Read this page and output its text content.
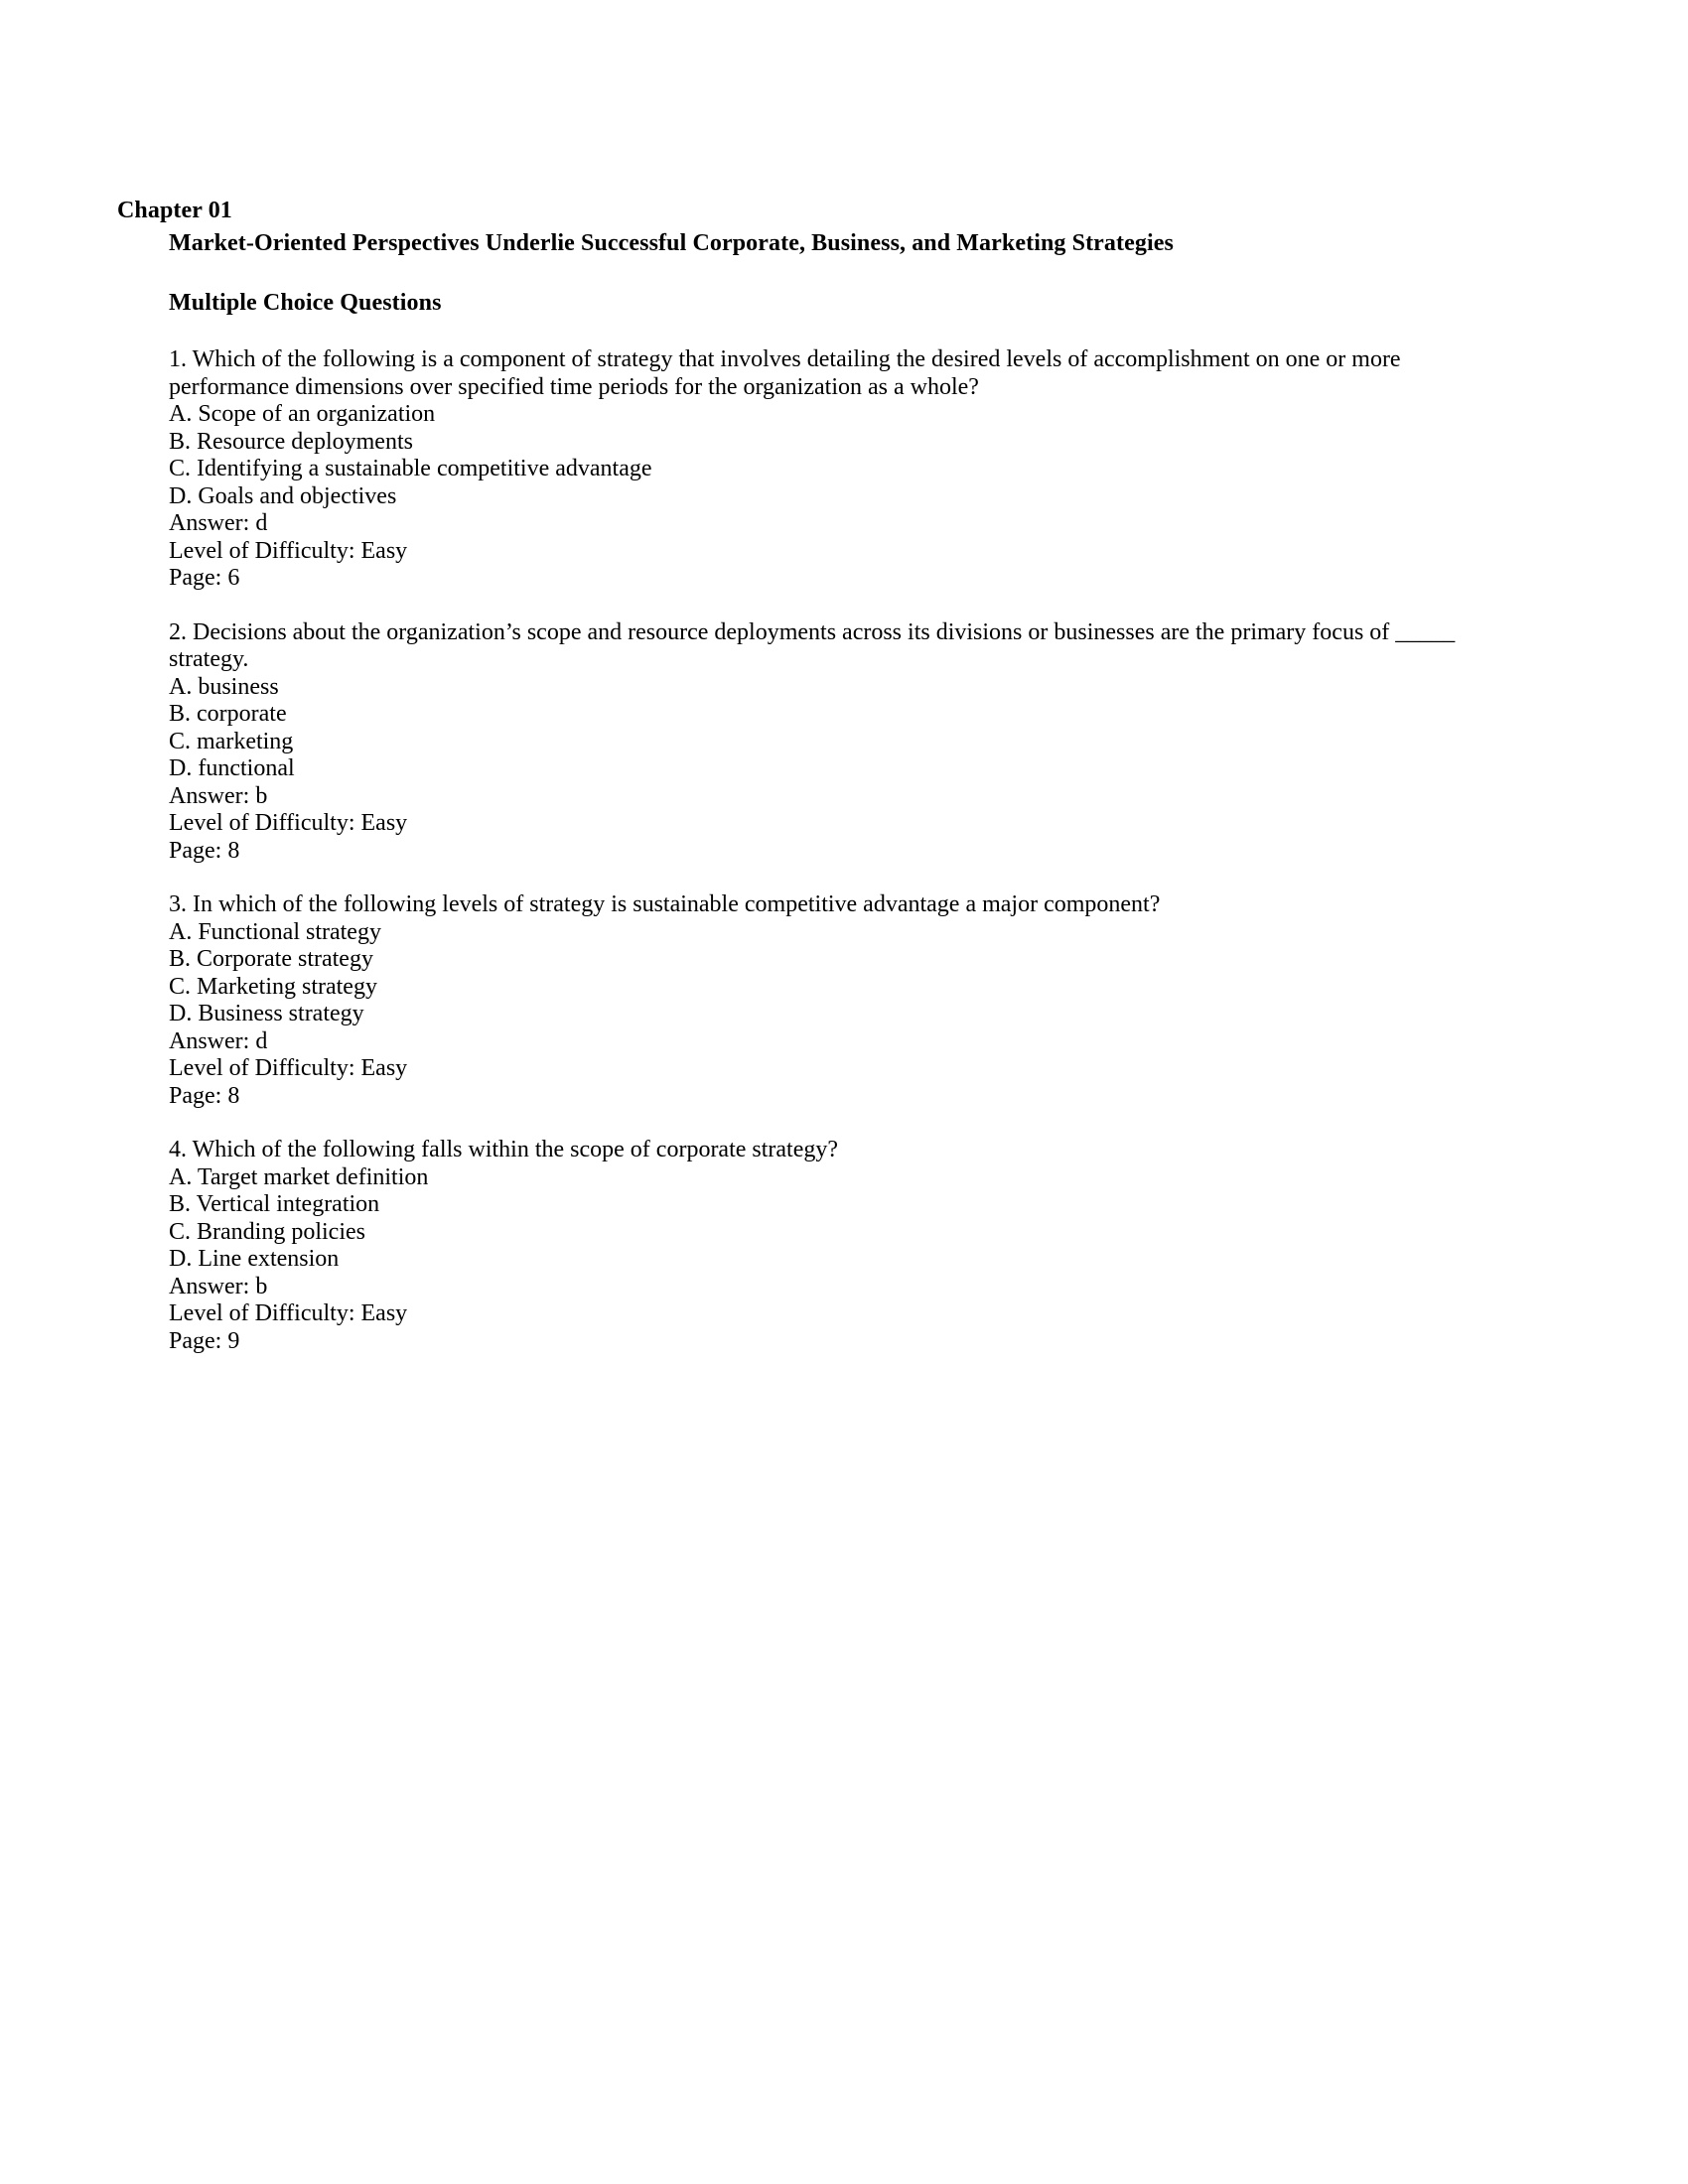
Chapter 01
Market-Oriented Perspectives Underlie Successful Corporate, Business, and Marketing Strategies
Multiple Choice Questions
1. Which of the following is a component of strategy that involves detailing the desired levels of accomplishment on one or more performance dimensions over specified time periods for the organization as a whole?
A. Scope of an organization
B. Resource deployments
C. Identifying a sustainable competitive advantage
D. Goals and objectives
Answer: d
Level of Difficulty: Easy
Page: 6
2. Decisions about the organization’s scope and resource deployments across its divisions or businesses are the primary focus of _____ strategy.
A. business
B. corporate
C. marketing
D. functional
Answer: b
Level of Difficulty: Easy
Page: 8
3. In which of the following levels of strategy is sustainable competitive advantage a major component?
A. Functional strategy
B. Corporate strategy
C. Marketing strategy
D. Business strategy
Answer: d
Level of Difficulty: Easy
Page: 8
4. Which of the following falls within the scope of corporate strategy?
A. Target market definition
B. Vertical integration
C. Branding policies
D. Line extension
Answer: b
Level of Difficulty: Easy
Page: 9
